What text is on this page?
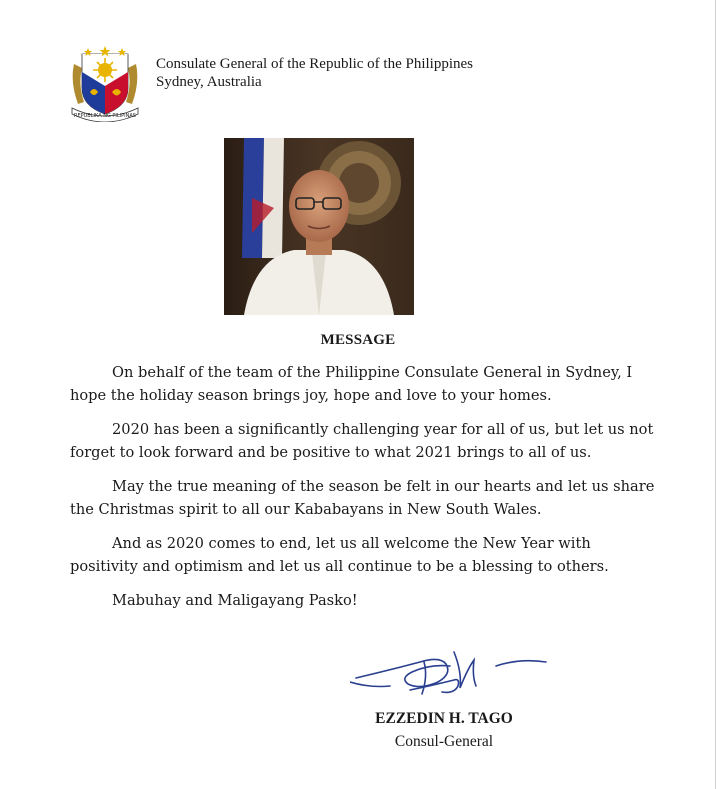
REPUBLIKA NG PILIPINAS
Consulate General of the Republic of the Philippines
Sydney, Australia
MESSAGE

On behalf of the team of the Philippine Consulate General in Sydney, I hope the holiday season brings joy, hope and love to your homes.

2020 has been a significantly challenging year for all of us, but let us not forget to look forward and be positive to what 2021 brings to all of us.

May the true meaning of the season be felt in our hearts and let us share the Christmas spirit to all our Kababayans in New South Wales.

And as 2020 comes to end, let us all welcome the New Year with positivity and optimism and let us all continue to be a blessing to others.

Mabuhay and Maligayang Pasko!

EZZEDIN H. TAGO
Consul-General
